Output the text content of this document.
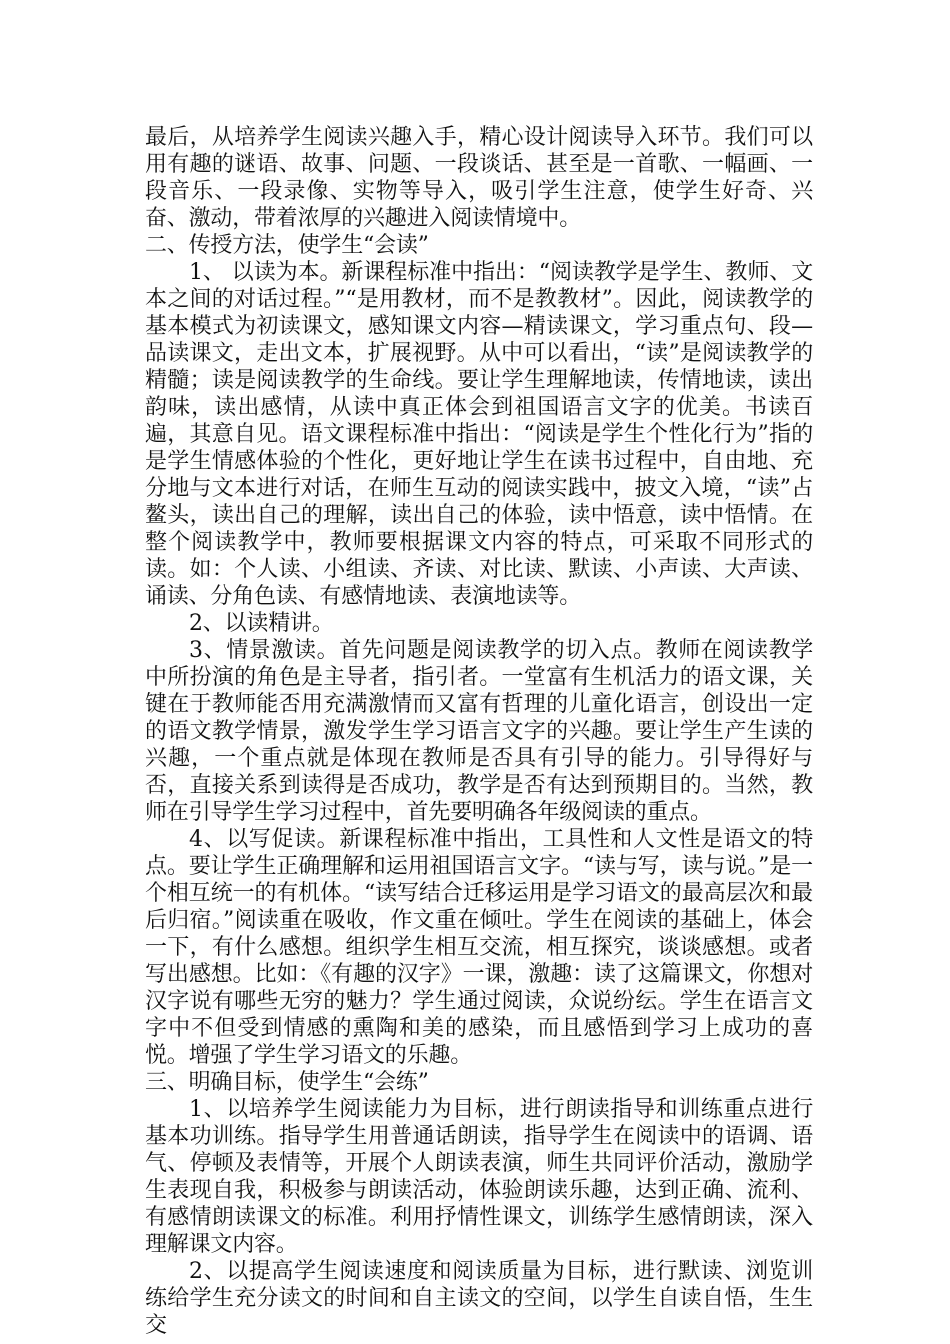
最后，从培养学生阅读兴趣入手，精心设计阅读导入环节。我们可以用有趣的谜语、故事、问题、一段谈话、甚至是一首歌、一幅画、一段音乐、一段录像、实物等导入，吸引学生注意，使学生好奇、兴奋、激动，带着浓厚的兴趣进入阅读情境中。

二、传授方法，使学生“会读”

1、 以读为本。新课程标准中指出：“阅读教学是学生、教师、文本之间的对话过程。”“是用教材，而不是教教材”。因此，阅读教学的基本模式为初读课文，感知课文内容—精读课文，学习重点句、段—品读课文，走出文本，扩展视野。从中可以看出，“读”是阅读教学的精髓；读是阅读教学的生命线。要让学生理解地读，传情地读，读出韵味，读出感情，从读中真正体会到祖国语言文字的优美。书读百遍，其意自见。语文课程标准中指出：“阅读是学生个性化行为”指的是学生情感体验的个性化，更好地让学生在读书过程中，自由地、充分地与文本进行对话，在师生互动的阅读实践中，披文入境，“读”占鳌头，读出自己的理解，读出自己的体验，读中悟意，读中悟情。在整个阅读教学中，教师要根据课文内容的特点，可采取不同形式的读。如：个人读、小组读、齐读、对比读、默读、小声读、大声读、诵读、分角色读、有感情地读、表演地读等。

2、以读精讲。

3、情景激读。首先问题是阅读教学的切入点。教师在阅读教学中所扮演的角色是主导者，指引者。一堂富有生机活力的语文课，关键在于教师能否用充满激情而又富有哲理的儿童化语言，创设出一定的语文教学情景，激发学生学习语言文字的兴趣。要让学生产生读的兴趣，一个重点就是体现在教师是否具有引导的能力。引导得好与否，直接关系到读得是否成功，教学是否有达到预期目的。当然，教师在引导学生学习过程中，首先要明确各年级阅读的重点。

4、以写促读。新课程标准中指出，工具性和人文性是语文的特点。要让学生正确理解和运用祖国语言文字。“读与写，读与说。”是一个相互统一的有机体。“读写结合迁移运用是学习语文的最高层次和最后归宿。”阅读重在吸收，作文重在倾吐。学生在阅读的基础上，体会一下，有什么感想。组织学生相互交流，相互探究，谈谈感想。或者写出感想。比如：《有趣的汉字》一课，激趣：读了这篇课文，你想对汉字说有哪些无穷的魅力？学生通过阅读，众说纷纭。学生在语言文字中不但受到情感的熏陶和美的感染，而且感悟到学习上成功的喜悦。增强了学生学习语文的乐趣。

三、明确目标，使学生“会练”

1、以培养学生阅读能力为目标，进行朗读指导和训练重点进行基本功训练。指导学生用普通话朗读，指导学生在阅读中的语调、语气、停顿及表情等，开展个人朗读表演，师生共同评价活动，激励学生表现自我，积极参与朗读活动，体验朗读乐趣，达到正确、流利、有感情朗读课文的标准。利用抒情性课文，训练学生感情朗读，深入理解课文内容。

2、以提高学生阅读速度和阅读质量为目标，进行默读、浏览训练给学生充分读文的时间和自主读文的空间，以学生自读自悟，生生交
